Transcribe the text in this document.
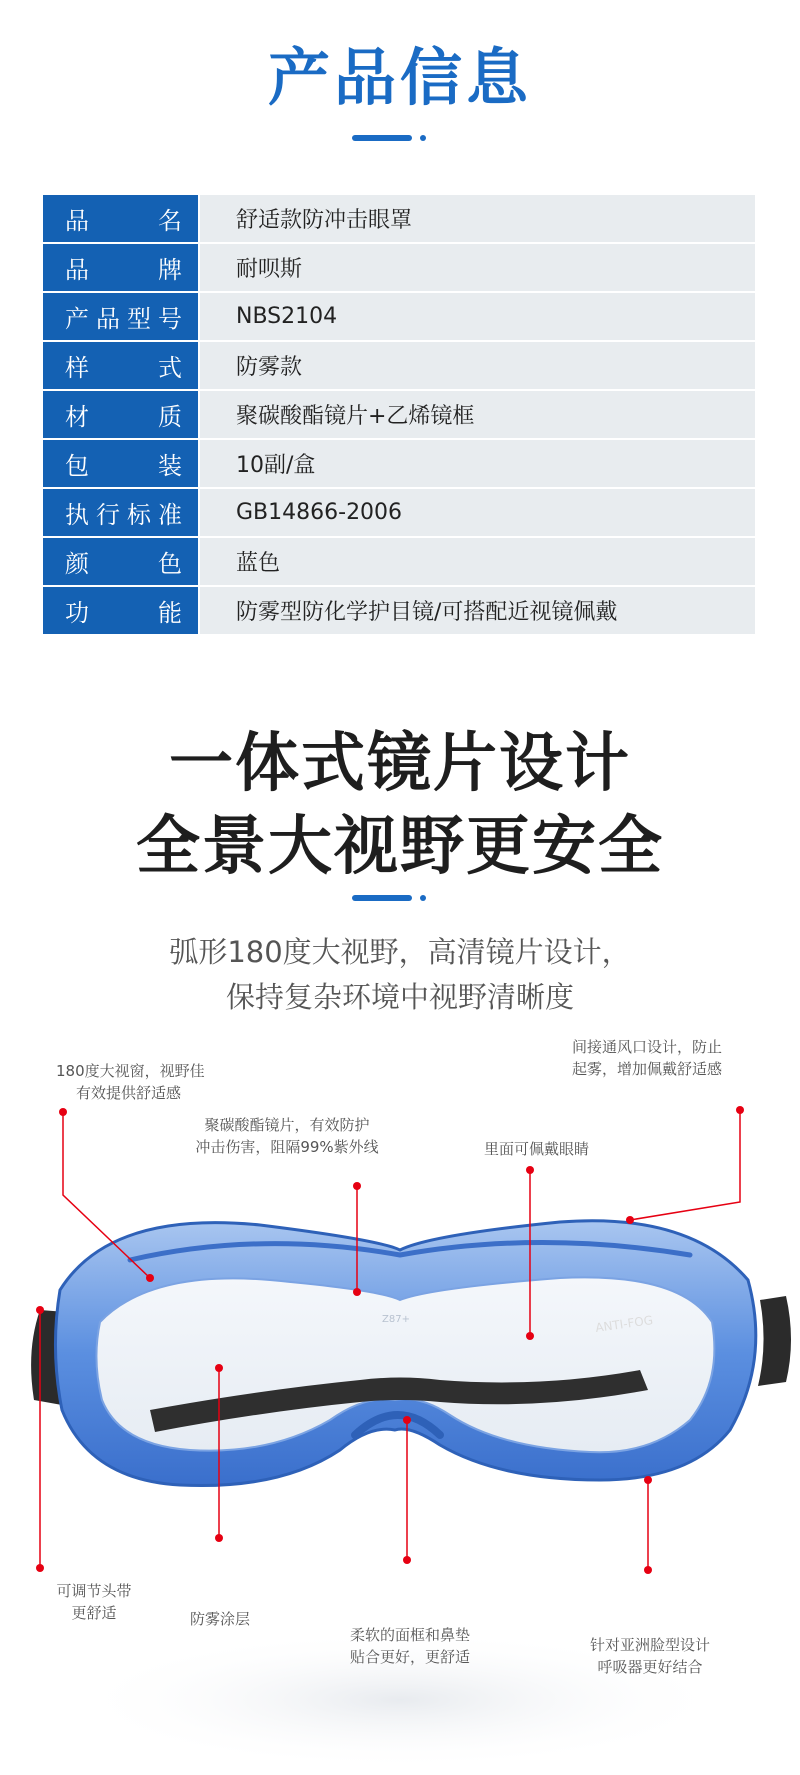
产品信息
品名	舒适款防冲击眼罩
品牌	耐呗斯
产品型号	NBS2104
样式	防雾款
材质	聚碳酸酯镜片+乙烯镜框
包装	10副/盒
执行标准	GB14866-2006
颜色	蓝色
功能	防雾型防化学护目镜/可搭配近视镜佩戴
一体式镜片设计
全景大视野更安全
弧形180度大视野，高清镜片设计，
保持复杂环境中视野清晰度
ANTI-FOG
Z87+
180度大视窗，视野佳
有效提供舒适感
间接通风口设计，防止
起雾，增加佩戴舒适感
聚碳酸酯镜片，有效防护
冲击伤害，阻隔99%紫外线	里面可佩戴眼睛
可调节头带
更舒适	防雾涂层
柔软的面框和鼻垫
贴合更好，更舒适
针对亚洲脸型设计
呼吸器更好结合
